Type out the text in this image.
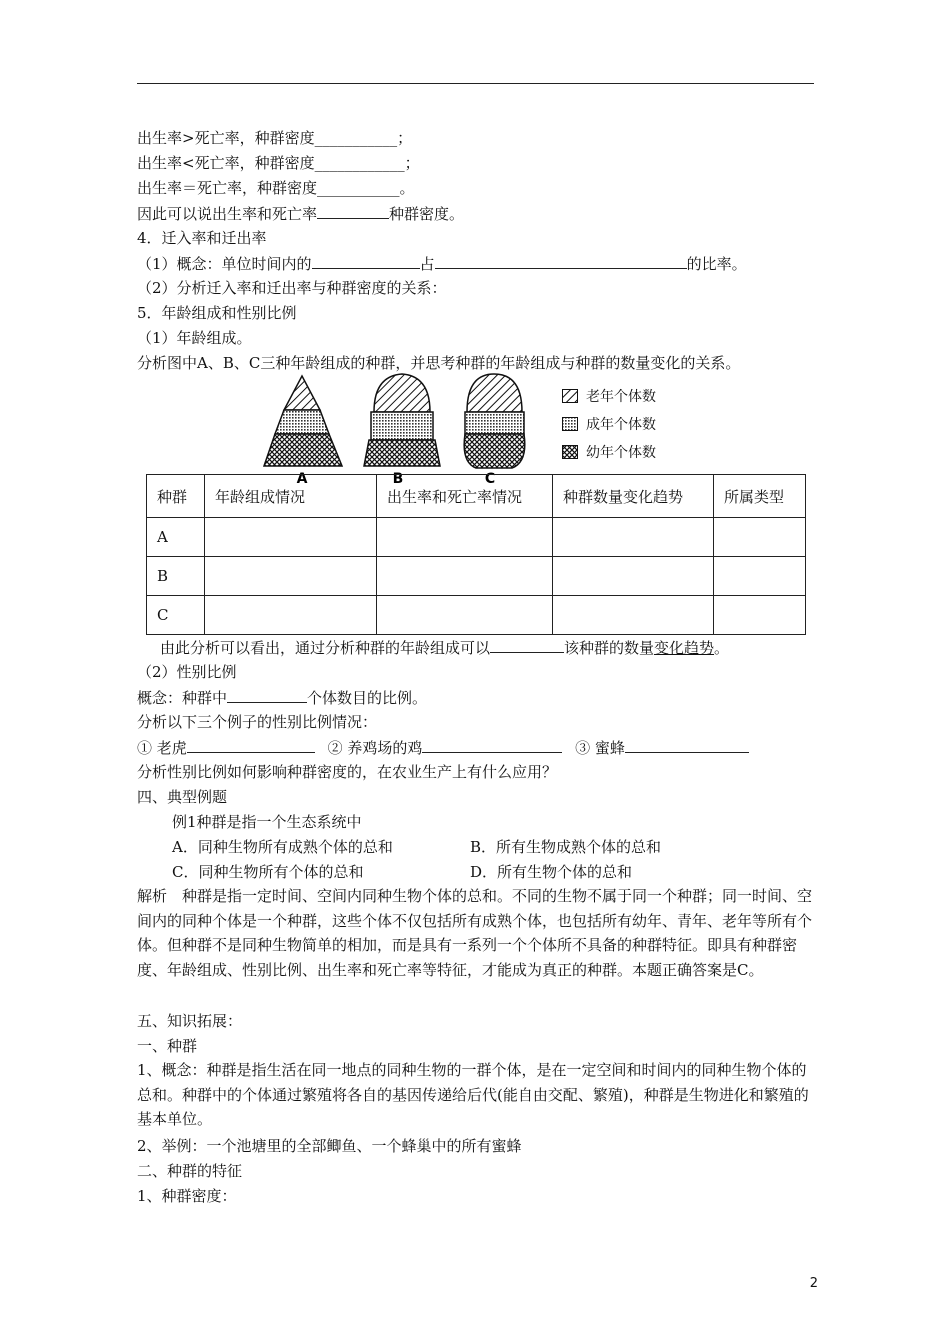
出生率>死亡率，种群密度___________；
出生率<死亡率，种群密度____________；
出生率＝死亡率，种群密度___________。
因此可以说出生率和死亡率	种群密度。
4．迁入率和迁出率
（1）概念：单位时间内的	占	的比率。
（2）分析迁入率和迁出率与种群密度的关系：
5．年龄组成和性别比例
（1）年龄组成。
分析图中A、B、C三种年龄组成的种群，并思考种群的年龄组成与种群的数量变化的关系。
A	B	C
老年个体数
成年个体数
幼年个体数
种群	年龄组成情况	出生率和死亡率情况	种群数量变化趋势	所属类型
A				
B				
C				
由此分析可以看出，通过分析种群的年龄组成可以	该种群的数量变化趋势。
（2）性别比例
概念：种群中	个体数目的比例。
分析以下三个例子的性别比例情况：
① 老虎	② 养鸡场的鸡	③ 蜜蜂
分析性别比例如何影响种群密度的，在农业生产上有什么应用？
四、典型例题
例1种群是指一个生态系统中
A．同种生物所有成熟个体的总和	B．所有生物成熟个体的总和
C．同种生物所有个体的总和	D．所有生物个体的总和
解析　种群是指一定时间、空间内同种生物个体的总和。不同的生物不属于同一个种群；同一时间、空间内的同种个体是一个种群，这些个体不仅包括所有成熟个体，也包括所有幼年、青年、老年等所有个体。但种群不是同种生物简单的相加，而是具有一系列一个个体所不具备的种群特征。即具有种群密度、年龄组成、性别比例、出生率和死亡率等特征，才能成为真正的种群。本题正确答案是C。
五、知识拓展：
一、种群
1、概念：种群是指生活在同一地点的同种生物的一群个体，是在一定空间和时间内的同种生物个体的总和。种群中的个体通过繁殖将各自的基因传递给后代(能自由交配、繁殖)，种群是生物进化和繁殖的基本单位。
2、举例：一个池塘里的全部鲫鱼、一个蜂巢中的所有蜜蜂
二、种群的特征
1、种群密度：
2
